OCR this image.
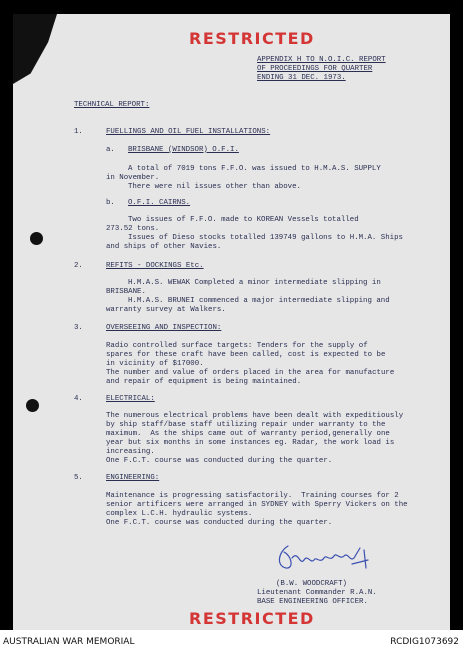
RESTRICTED
APPENDIX H TO N.O.I.C. REPORT
OF PROCEEDINGS FOR QUARTER
ENDING 31 DEC. 1973.
TECHNICAL REPORT:
1.	FUELLINGS AND OIL FUEL INSTALLATIONS:
a. BRISBANE (WINDSOR) O.F.I.
A total of 7019 tons F.F.O. was issued to H.M.A.S. SUPPLY
in November.
There were nil issues other than above.
b. O.F.I. CAIRNS.
Two issues of F.F.O. made to KOREAN Vessels totalled
273.52 tons.
Issues of Dieso stocks totalled 139749 gallons to H.M.A. Ships
and ships of other Navies.
2.	REFITS - DOCKINGS Etc.
H.M.A.S. WEWAK Completed a minor intermediate slipping in
BRISBANE.
H.M.A.S. BRUNEI commenced a major intermediate slipping and
warranty survey at Walkers.
3.	OVERSEEING AND INSPECTION:
Radio controlled surface targets: Tenders for the supply of
spares for these craft have been called, cost is expected to be
in vicinity of $17000.
The number and value of orders placed in the area for manufacture
and repair of equipment is being maintained.
4.	ELECTRICAL:
The numerous electrical problems have been dealt with expeditiously
by ship staff/base staff utilizing repair under warranty to the
maximum.  As the ships came out of warranty period,generally one
year but six months in some instances eg. Radar, the work load is
increasing.
One F.C.T. course was conducted during the quarter.
5.	ENGINEERING:
Maintenance is progressing satisfactorily.  Training courses for 2
senior artificers were arranged in SYDNEY with Sperry Vickers on the
complex L.C.H. hydraulic systems.
One F.C.T. course was conducted during the quarter.
(B.W. WOODCRAFT)
Lieutenant Commander R.A.N.
BASE ENGINEERING OFFICER.
RESTRICTED
AUSTRALIAN WAR MEMORIAL	RCDIG1073692
